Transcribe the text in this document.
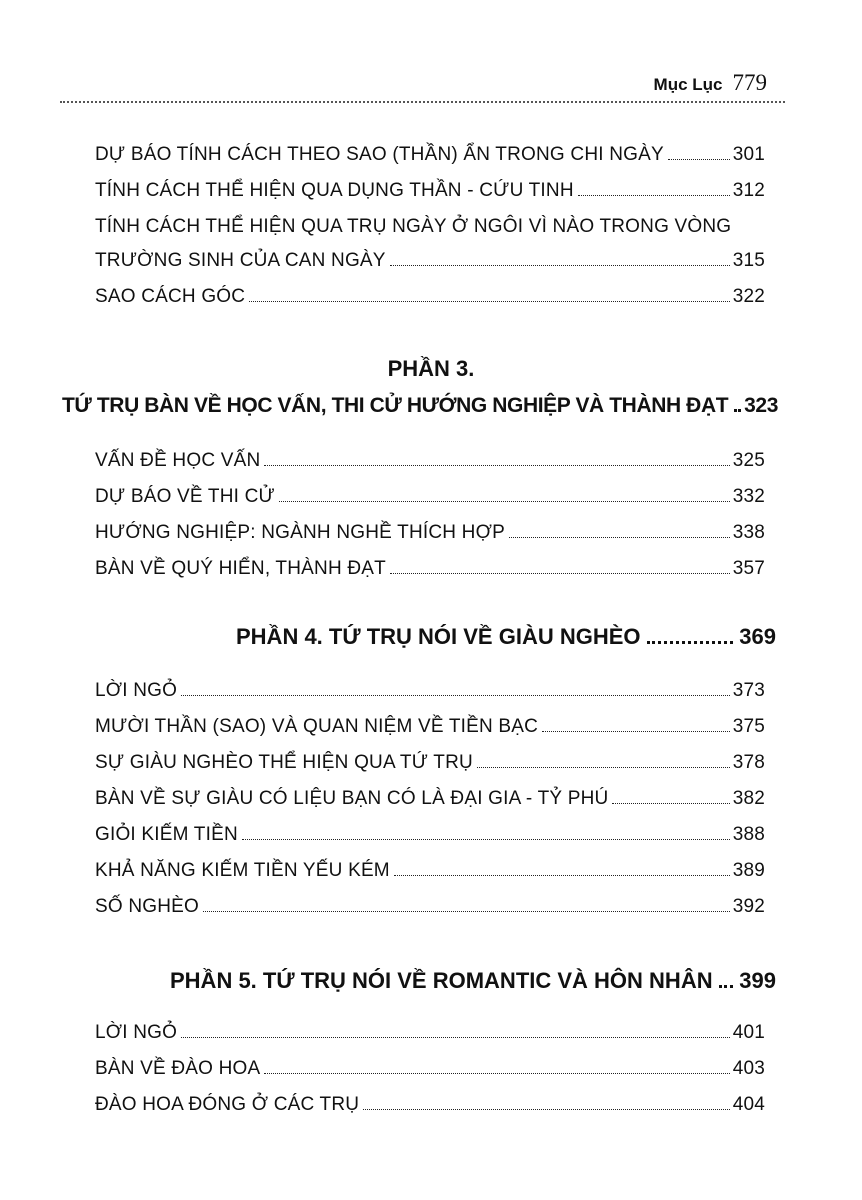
Mục Lục 779
DỰ BÁO TÍNH CÁCH THEO SAO (THẦN) ẨN TRONG CHI NGÀY	301
TÍNH CÁCH THỂ HIỆN QUA DỤNG THẦN - CỨU TINH	312
TÍNH CÁCH THỂ HIỆN QUA TRỤ NGÀY Ở NGÔI VÌ NÀO TRONG VÒNG
TRƯỜNG SINH CỦA CAN NGÀY	315
SAO CÁCH GÓC	322
PHẦN 3.
TỨ TRỤ BÀN VỀ HỌC VẤN, THI CỬ HƯỚNG NGHIỆP VÀ THÀNH ĐẠT 323
VẤN ĐỀ HỌC VẤN	325
DỰ BÁO VỀ THI CỬ	332
HƯỚNG NGHIỆP: NGÀNH NGHỀ THÍCH HỢP	338
BÀN VỀ QUÝ HIỂN, THÀNH ĐẠT	357
PHẦN 4. TỨ TRỤ NÓI VỀ GIÀU NGHÈO	369
LỜI NGỎ	373
MƯỜI THẦN (SAO) VÀ QUAN NIỆM VỀ TIỀN BẠC	375
SỰ GIÀU NGHÈO THỂ HIỆN QUA TỨ TRỤ	378
BÀN VỀ SỰ GIÀU CÓ LIỆU BẠN CÓ LÀ ĐẠI GIA - TỶ PHÚ	382
GIỎI KIẾM TIỀN	388
KHẢ NĂNG KIẾM TIỀN YẾU KÉM	389
SỐ NGHÈO	392
PHẦN 5. TỨ TRỤ NÓI VỀ ROMANTIC VÀ HÔN NHÂN 399
LỜI NGỎ	401
BÀN VỀ ĐÀO HOA	403
ĐÀO HOA ĐÓNG Ở CÁC TRỤ	404
